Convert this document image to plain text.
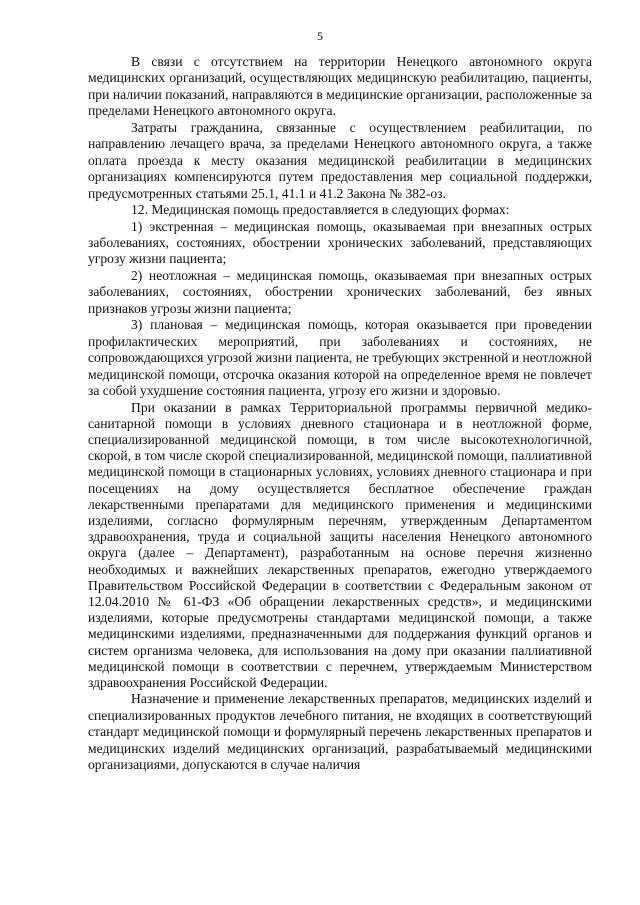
5

В связи с отсутствием на территории Ненецкого автономного округа медицинских организаций, осуществляющих медицинскую реабилитацию, пациенты, при наличии показаний, направляются в медицинские организации, расположенные за пределами Ненецкого автономного округа.

Затраты гражданина, связанные с осуществлением реабилитации, по направлению лечащего врача, за пределами Ненецкого автономного округа, а также оплата проезда к месту оказания медицинской реабилитации в медицинских организациях компенсируются путем предоставления мер социальной поддержки, предусмотренных статьями 25.1, 41.1 и 41.2 Закона № 382-оз.

12. Медицинская помощь предоставляется в следующих формах:

1) экстренная – медицинская помощь, оказываемая при внезапных острых заболеваниях, состояниях, обострении хронических заболеваний, представляющих угрозу жизни пациента;

2) неотложная – медицинская помощь, оказываемая при внезапных острых заболеваниях, состояниях, обострении хронических заболеваний, без явных признаков угрозы жизни пациента;

3) плановая – медицинская помощь, которая оказывается при проведении профилактических мероприятий, при заболеваниях и состояниях, не сопровождающихся угрозой жизни пациента, не требующих экстренной и неотложной медицинской помощи, отсрочка оказания которой на определенное время не повлечет за собой ухудшение состояния пациента, угрозу его жизни и здоровью.

При оказании в рамках Территориальной программы первичной медико-санитарной помощи в условиях дневного стационара и в неотложной форме, специализированной медицинской помощи, в том числе высокотехнологичной, скорой, в том числе скорой специализированной, медицинской помощи, паллиативной медицинской помощи в стационарных условиях, условиях дневного стационара и при посещениях на дому осуществляется бесплатное обеспечение граждан лекарственными препаратами для медицинского применения и медицинскими изделиями, согласно формулярным перечням, утвержденным Департаментом здравоохранения, труда и социальной защиты населения Ненецкого автономного округа (далее – Департамент), разработанным на основе перечня жизненно необходимых и важнейших лекарственных препаратов, ежегодно утверждаемого Правительством Российской Федерации в соответствии с Федеральным законом от 12.04.2010 № 61-ФЗ «Об обращении лекарственных средств», и медицинскими изделиями, которые предусмотрены стандартами медицинской помощи, а также медицинскими изделиями, предназначенными для поддержания функций органов и систем организма человека, для использования на дому при оказании паллиативной медицинской помощи в соответствии с перечнем, утверждаемым Министерством здравоохранения Российской Федерации.

Назначение и применение лекарственных препаратов, медицинских изделий и специализированных продуктов лечебного питания, не входящих в соответствующий стандарт медицинской помощи и формулярный перечень лекарственных препаратов и медицинских изделий медицинских организаций, разрабатываемый медицинскими организациями, допускаются в случае наличия
